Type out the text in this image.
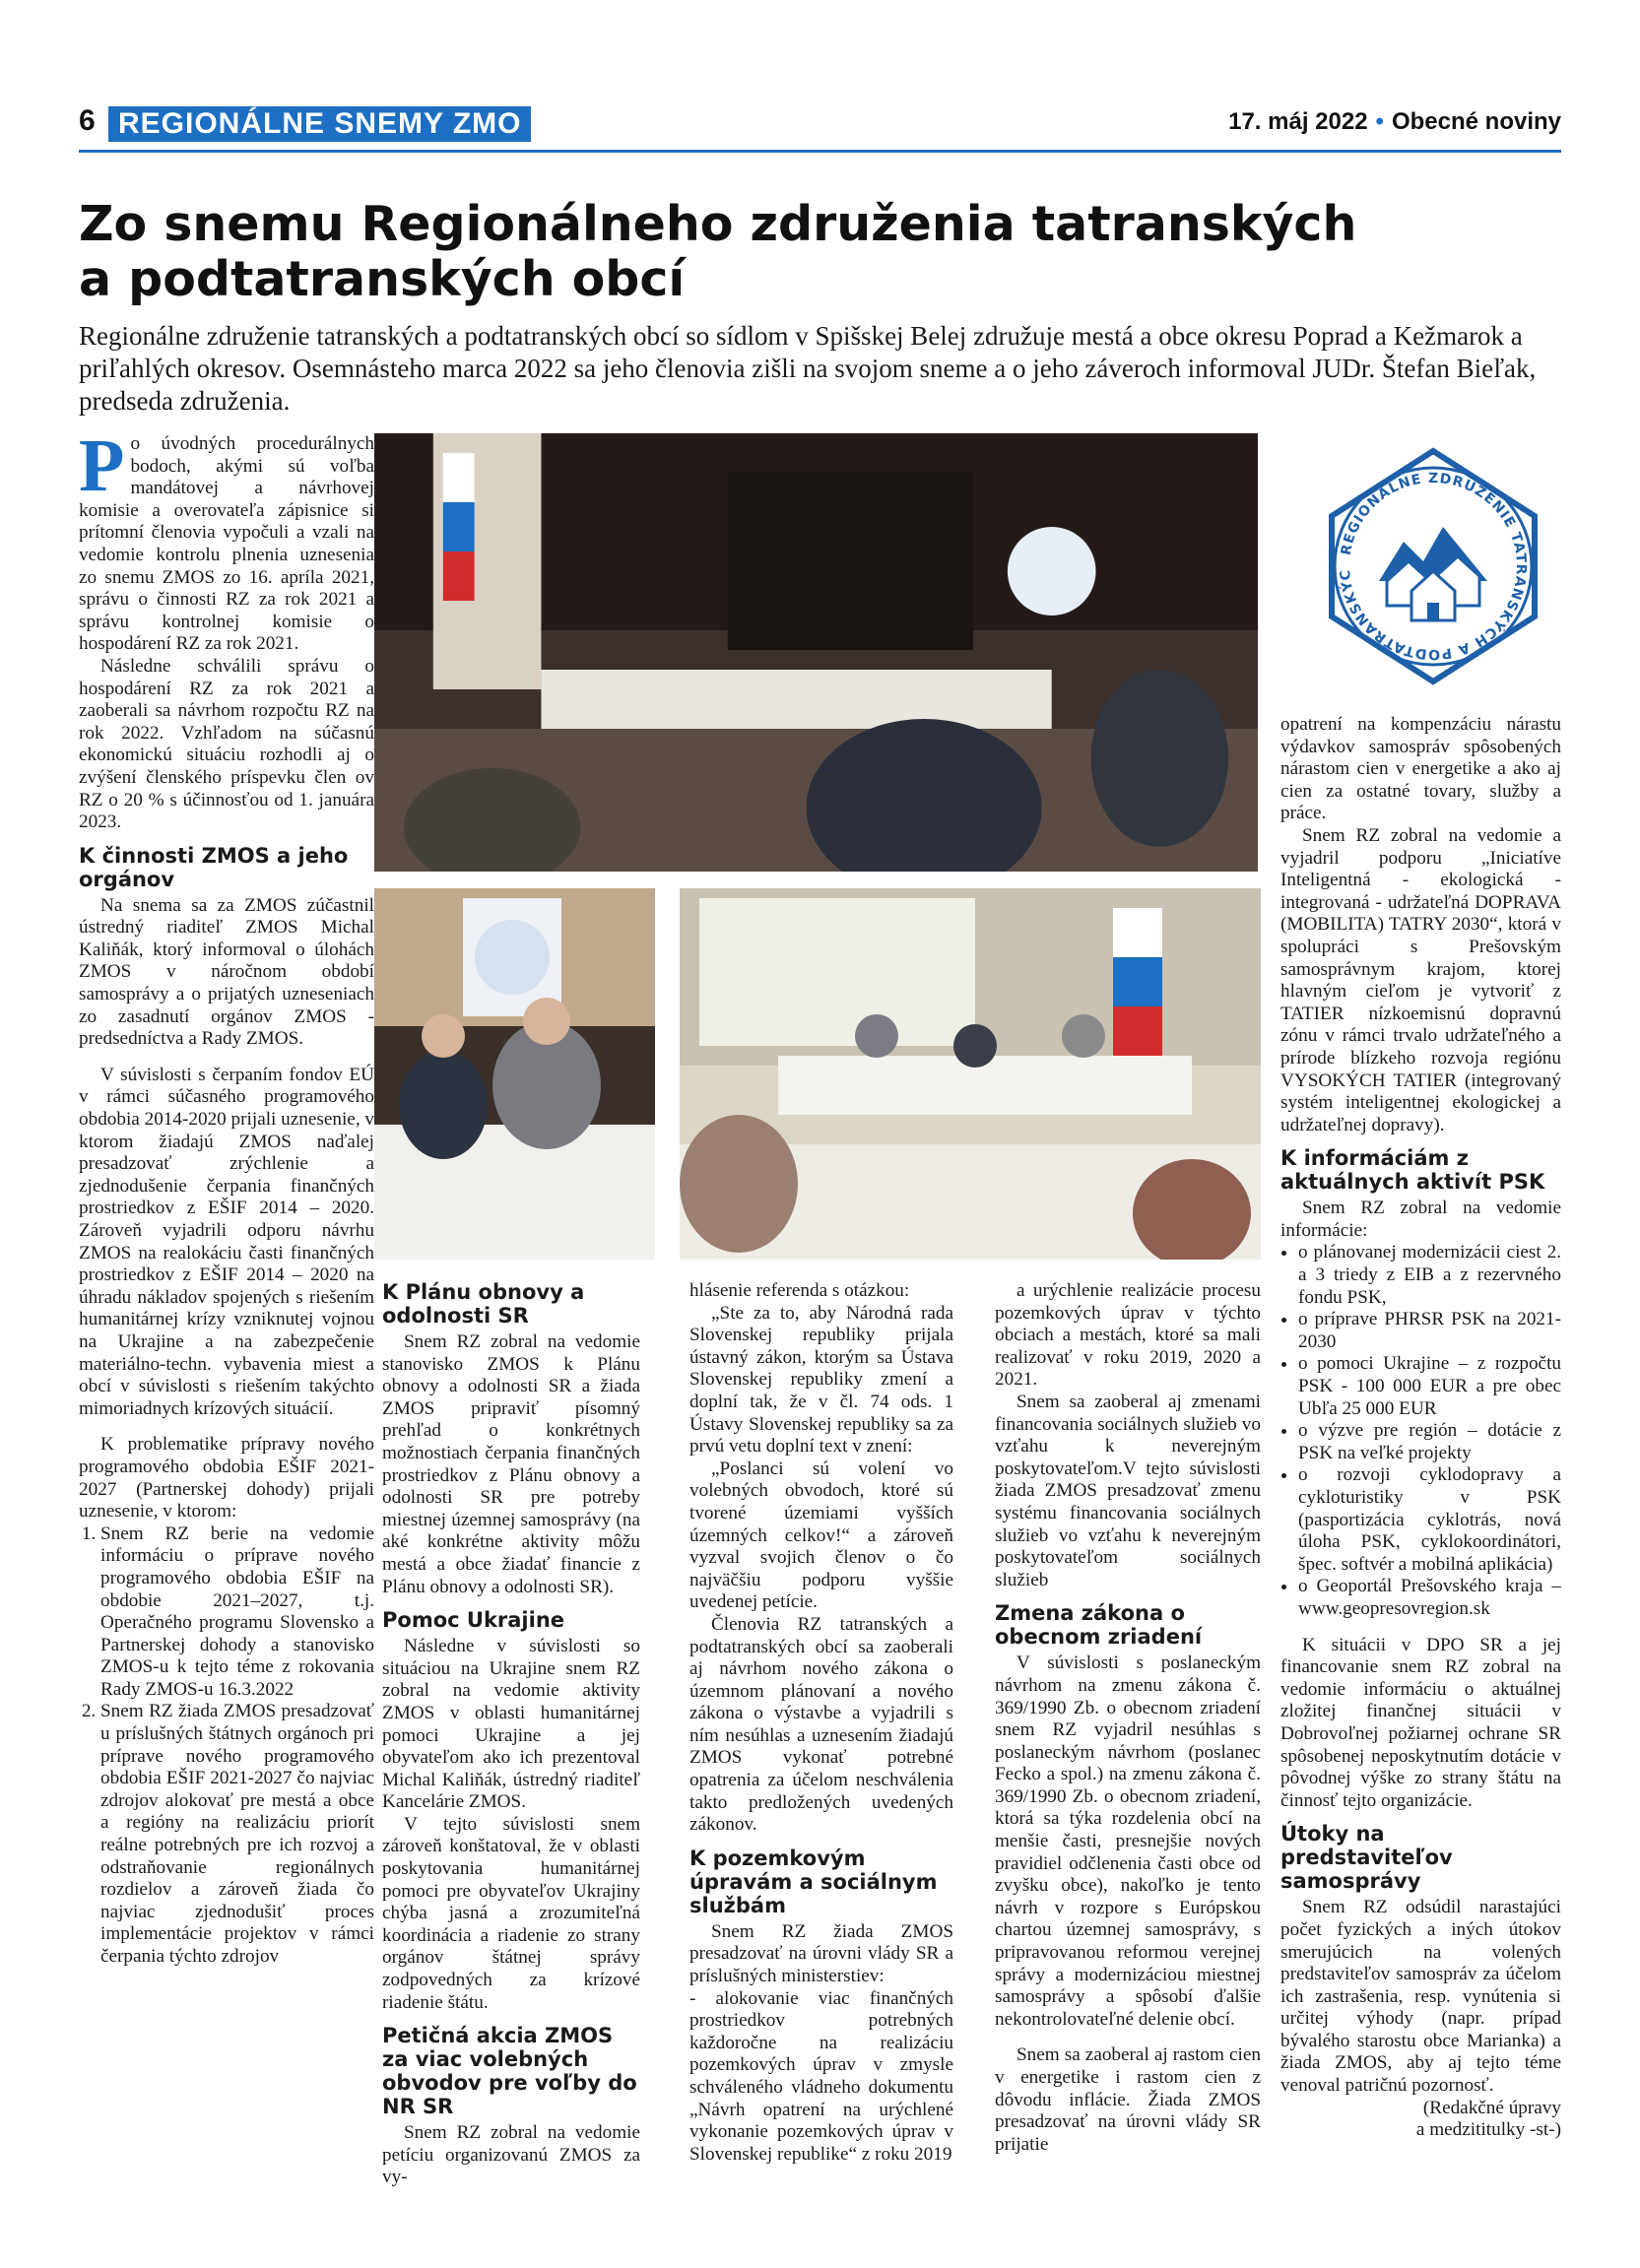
6 REGIONÁLNE SNEMY ZMO	17. máj 2022 • Obecné noviny
Zo snemu Regionálneho združenia tatranských a podtatranských obcí

Regionálne združenie tatranských a podtatranských obcí so sídlom v Spišskej Belej združuje mestá a obce okresu Poprad a Kežmarok a priľahlých okresov. Osemnásteho marca 2022 sa jeho členovia zišli na svojom sneme a o jeho záveroch informoval JUDr. Štefan Bieľak, predseda združenia.

Po úvodných procedurálnych bodoch, akými sú voľba mandátovej a návrhovej komisie a overovateľa zápisnice si prítomní členovia vypočuli a vzali na vedomie kontrolu plnenia uznesenia zo snemu ZMOS zo 16. apríla 2021, správu o činnosti RZ za rok 2021 a správu kontrolnej komisie o hospodárení RZ za rok 2021.

Následne schválili správu o hospodárení RZ za rok 2021 a zaoberali sa návrhom rozpočtu RZ na rok 2022. Vzhľadom na súčasnú ekonomickú situáciu rozhodli aj o zvýšení členského príspevku člen ov RZ o 20 % s účinnosťou od 1. januára 2023.

K činnosti ZMOS a jeho orgánov

Na snema sa za ZMOS zúčastnil ústredný riaditeľ ZMOS Michal Kaliňák, ktorý informoval o úlohách ZMOS v náročnom období samosprávy a o prijatých uzneseniach zo zasadnutí orgánov ZMOS - predsedníctva a Rady ZMOS.

V súvislosti s čerpaním fondov EÚ v rámci súčasného programového obdobia 2014-2020 prijali uznesenie, v ktorom žiadajú ZMOS naďalej presadzovať zrýchlenie a zjednodušenie čerpania finančných prostriedkov z EŠIF 2014 – 2020. Zároveň vyjadrili odporu návrhu ZMOS na realokáciu časti finančných prostriedkov z EŠIF 2014 – 2020 na úhradu nákladov spojených s riešením humanitárnej krízy vzniknutej vojnou na Ukrajine a na zabezpečenie materiálno-techn. vybavenia miest a obcí v súvislosti s riešením takýchto mimoriadnych krízových situácií.

K problematike prípravy nového programového obdobia EŠIF 2021-2027 (Partnerskej dohody) prijali uznesenie, v ktorom:

1. Snem RZ berie na vedomie informáciu o príprave nového programového obdobia EŠIF na obdobie 2021–2027, t.j. Operačného programu Slovensko a Partnerskej dohody a stanovisko ZMOS-u k tejto téme z rokovania Rady ZMOS-u 16.3.2022
2. Snem RZ žiada ZMOS presadzovať u príslušných štátnych orgánoch pri príprave nového programového obdobia EŠIF 2021-2027 čo najviac zdrojov alokovať pre mestá a obce a regióny na realizáciu priorít reálne potrebných pre ich rozvoj a odstraňovanie regionálnych rozdielov a zároveň žiada čo najviac zjednodušiť proces implementácie projektov v rámci čerpania týchto zdrojov
REGIONÁLNE ZDRUŽENIE TATRANSKÝCH A PODTATRANSKÝC
K Plánu obnovy a odolnosti SR

Snem RZ zobral na vedomie stanovisko ZMOS k Plánu obnovy a odolnosti SR a žiada ZMOS pripraviť písomný prehľad o konkrétnych možnostiach čerpania finančných prostriedkov z Plánu obnovy a odolnosti SR pre potreby miestnej územnej samosprávy (na aké konkrétne aktivity môžu mestá a obce žiadať financie z Plánu obnovy a odolnosti SR).

Pomoc Ukrajine

Následne v súvislosti so situáciou na Ukrajine snem RZ zobral na vedomie aktivity ZMOS v oblasti humanitárnej pomoci Ukrajine a jej obyvateľom ako ich prezentoval Michal Kaliňák, ústredný riaditeľ Kancelárie ZMOS.

V tejto súvislosti snem zároveň konštatoval, že v oblasti poskytovania humanitárnej pomoci pre obyvateľov Ukrajiny chýba jasná a zrozumiteľná koordinácia a riadenie zo strany orgánov štátnej správy zodpovedných za krízové riadenie štátu.

Petičná akcia ZMOS za viac volebných obvodov pre voľby do NR SR

Snem RZ zobral na vedomie petíciu organizovanú ZMOS za vy-

hlásenie referenda s otázkou:

„Ste za to, aby Národná rada Slovenskej republiky prijala ústavný zákon, ktorým sa Ústava Slovenskej republiky zmení a doplní tak, že v čl. 74 ods. 1 Ústavy Slovenskej republiky sa za prvú vetu doplní text v znení:

„Poslanci sú volení vo volebných obvodoch, ktoré sú tvorené územiami vyšších územných celkov!“ a zároveň vyzval svojich členov o čo najväčšiu podporu vyššie uvedenej petície.

Členovia RZ tatranských a podtatranských obcí sa zaoberali aj návrhom nového zákona o územnom plánovaní a nového zákona o výstavbe a vyjadrili s ním nesúhlas a uznesením žiadajú ZMOS vykonať potrebné opatrenia za účelom neschválenia takto predložených uvedených zákonov.

K pozemkovým úpravám a sociálnym službám

Snem RZ žiada ZMOS presadzovať na úrovni vlády SR a príslušných ministerstiev:

- alokovanie viac finančných prostriedkov potrebných každoročne na realizáciu pozemkových úprav v zmysle schváleného vládneho dokumentu „Návrh opatrení na urýchlené vykonanie pozemkových úprav v Slovenskej republike“ z roku 2019

a urýchlenie realizácie procesu pozemkových úprav v týchto obciach a mestách, ktoré sa mali realizovať v roku 2019, 2020 a 2021.

Snem sa zaoberal aj zmenami financovania sociálnych služieb vo vzťahu k neverejným poskytovateľom.V tejto súvislosti žiada ZMOS presadzovať zmenu systému financovania sociálnych služieb vo vzťahu k neverejným poskytovateľom sociálnych služieb

Zmena zákona o obecnom zriadení

V súvislosti s poslaneckým návrhom na zmenu zákona č. 369/1990 Zb. o obecnom zriadení snem RZ vyjadril nesúhlas s poslaneckým návrhom (poslanec Fecko a spol.) na zmenu zákona č. 369/1990 Zb. o obecnom zriadení, ktorá sa týka rozdelenia obcí na menšie časti, presnejšie nových pravidiel odčlenenia časti obce od zvyšku obce), nakoľko je tento návrh v rozpore s Európskou chartou územnej samosprávy, s pripravovanou reformou verejnej správy a modernizáciou miestnej samosprávy a spôsobí ďalšie nekontrolovateľné delenie obcí.

Snem sa zaoberal aj rastom cien v energetike i rastom cien z dôvodu inflácie. Žiada ZMOS presadzovať na úrovni vlády SR prijatie

opatrení na kompenzáciu nárastu výdavkov samospráv spôsobených nárastom cien v energetike a ako aj cien za ostatné tovary, služby a práce.

Snem RZ zobral na vedomie a vyjadril podporu „Iniciatíve Inteligentná - ekologická - integrovaná - udržateľná DOPRAVA (MOBILITA) TATRY 2030“, ktorá v spolupráci s Prešovským samosprávnym krajom, ktorej hlavným cieľom je vytvoriť z TATIER nízkoemisnú dopravnú zónu v rámci trvalo udržateľného a prírode blízkeho rozvoja regiónu VYSOKÝCH TATIER (integrovaný systém inteligentnej ekologickej a udržateľnej dopravy).

K informáciám z aktuálnych aktivít PSK

Snem RZ zobral na vedomie informácie:

• o plánovanej modernizácii ciest 2. a 3 triedy z EIB a z rezervného fondu PSK,
• o príprave PHRSR PSK na 2021-2030
• o pomoci Ukrajine – z rozpočtu PSK - 100 000 EUR a pre obec Ubľa 25 000 EUR
• o výzve pre región – dotácie z PSK na veľké projekty
• o rozvoji cyklodopravy a cykloturistiky v PSK (pasportizácia cyklotrás, nová úloha PSK, cyklokoordinátori, špec. softvér a mobilná aplikácia)
• o Geoportál Prešovského kraja – www.geopresovregion.sk

K situácii v DPO SR a jej financovanie snem RZ zobral na vedomie informáciu o aktuálnej zložitej finančnej situácii v Dobrovoľnej požiarnej ochrane SR spôsobenej neposkytnutím dotácie v pôvodnej výške zo strany štátu na činnosť tejto organizácie.

Útoky na predstaviteľov samosprávy

Snem RZ odsúdil narastajúci počet fyzických a iných útokov smerujúcich na volených predstaviteľov samospráv za účelom ich zastrašenia, resp. vynútenia si určitej výhody (napr. prípad bývalého starostu obce Marianka) a žiada ZMOS, aby aj tejto téme venoval patričnú pozornosť.

(Redakčné úpravy

a medzititulky -st-)
